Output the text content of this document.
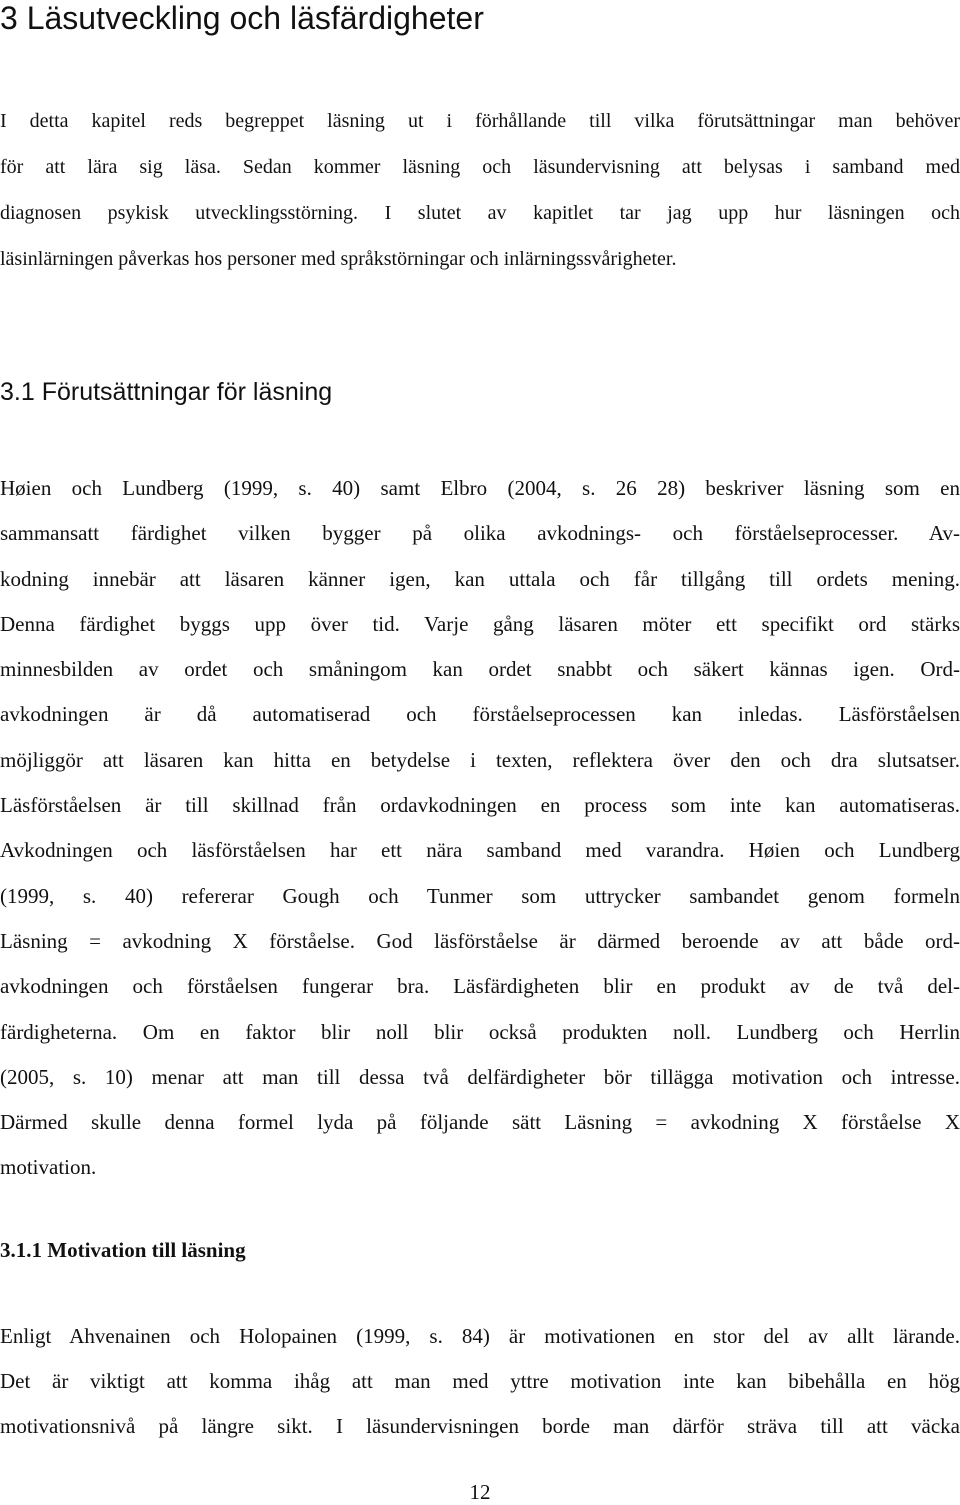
3 Läsutveckling och läsfärdigheter
I detta kapitel reds begreppet läsning ut i förhållande till vilka förutsättningar man behöver
för att lära sig läsa. Sedan kommer läsning och läsundervisning att belysas i samband med
diagnosen psykisk utvecklingsstörning. I slutet av kapitlet tar jag upp hur läsningen och
läsinlärningen påverkas hos personer med språkstörningar och inlärningssvårigheter.
3.1 Förutsättningar för läsning
Høien och Lundberg (1999, s. 40) samt Elbro (2004, s. 26 28) beskriver läsning som en
sammansatt färdighet vilken bygger på olika avkodnings- och förståelseprocesser. Av-
kodning innebär att läsaren känner igen, kan uttala och får tillgång till ordets mening.
Denna färdighet byggs upp över tid. Varje gång läsaren möter ett specifikt ord stärks
minnesbilden av ordet och småningom kan ordet snabbt och säkert kännas igen. Ord-
avkodningen är då automatiserad och förståelseprocessen kan inledas. Läsförståelsen
möjliggör att läsaren kan hitta en betydelse i texten, reflektera över den och dra slutsatser.
Läsförståelsen är till skillnad från ordavkodningen en process som inte kan automatiseras.
Avkodningen och läsförståelsen har ett nära samband med varandra. Høien och Lundberg
(1999, s. 40) refererar Gough och Tunmer som uttrycker sambandet genom formeln
Läsning = avkodning X förståelse. God läsförståelse är därmed beroende av att både ord-
avkodningen och förståelsen fungerar bra. Läsfärdigheten blir en produkt av de två del-
färdigheterna. Om en faktor blir noll blir också produkten noll. Lundberg och Herrlin
(2005, s. 10) menar att man till dessa två delfärdigheter bör tillägga motivation och intresse.
Därmed skulle denna formel lyda på följande sätt Läsning = avkodning X förståelse X
motivation.
3.1.1 Motivation till läsning
Enligt Ahvenainen och Holopainen (1999, s. 84) är motivationen en stor del av allt lärande.
Det är viktigt att komma ihåg att man med yttre motivation inte kan bibehålla en hög
motivationsnivå på längre sikt. I läsundervisningen borde man därför sträva till att väcka
12
